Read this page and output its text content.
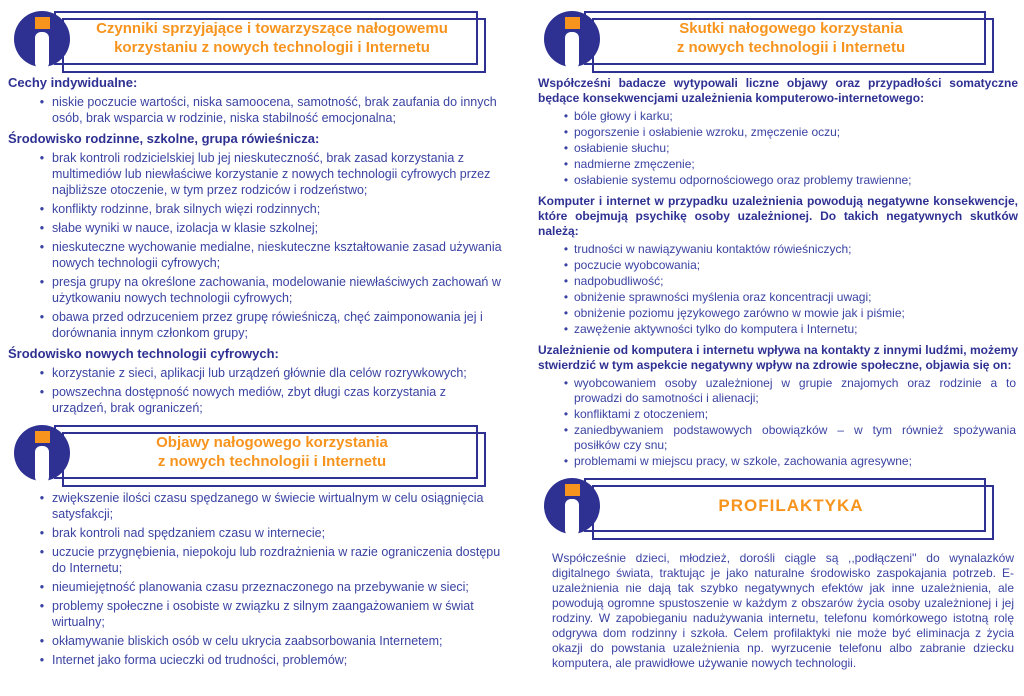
Czynniki sprzyjające i towarzyszące nałogowemu
korzystaniu z nowych technologii i Internetu
Cechy indywidualne:
• niskie poczucie wartości, niska samoocena, samotność, brak zaufania do innych osób, brak wsparcia w rodzinie, niska stabilność emocjonalna;
Środowisko rodzinne, szkolne, grupa rówieśnicza:
• brak kontroli rodzicielskiej lub jej nieskuteczność, brak zasad korzystania z multimediów lub niewłaściwe korzystanie z nowych technologii cyfrowych przez najbliższe otoczenie, w tym przez rodziców i rodzeństwo;
• konflikty rodzinne, brak silnych więzi rodzinnych;
• słabe wyniki w nauce, izolacja w klasie szkolnej;
• nieskuteczne wychowanie medialne, nieskuteczne kształtowanie zasad używania nowych technologii cyfrowych;
• presja grupy na określone zachowania, modelowanie niewłaściwych zachowań w użytkowaniu nowych technologii cyfrowych;
• obawa przed odrzuceniem przez grupę rówieśniczą, chęć zaimponowania jej i dorównania innym członkom grupy;
Środowisko nowych technologii cyfrowych:
• korzystanie z sieci, aplikacji lub urządzeń głównie dla celów rozrywkowych;
• powszechna dostępność nowych mediów, zbyt długi czas korzystania z urządzeń, brak ograniczeń;
Objawy nałogowego korzystania
z nowych technologii i Internetu
• zwiększenie ilości czasu spędzanego w świecie wirtualnym w celu osiągnięcia satysfakcji;
• brak kontroli nad spędzaniem czasu w internecie;
• uczucie przygnębienia, niepokoju lub rozdrażnienia w razie ograniczenia dostępu do Internetu;
• nieumiejętność planowania czasu przeznaczonego na przebywanie w sieci;
• problemy społeczne i osobiste w związku z silnym zaangażowaniem w świat wirtualny;
• okłamywanie bliskich osób w celu ukrycia zaabsorbowania Internetem;
• Internet jako forma ucieczki od trudności, problemów;
Skutki nałogowego korzystania
z nowych technologii i Internetu
Współcześni badacze wytypowali liczne objawy oraz przypadłości somatyczne będące konsekwencjami uzależnienia komputerowo-internetowego:
• bóle głowy i karku;
• pogorszenie i osłabienie wzroku, zmęczenie oczu;
• osłabienie słuchu;
• nadmierne zmęczenie;
• osłabienie systemu odpornościowego oraz problemy trawienne;
Komputer i internet w przypadku uzależnienia powodują negatywne konsekwencje, które obejmują psychikę osoby uzależnionej. Do takich negatywnych skutków należą:
• trudności w nawiązywaniu kontaktów rówieśniczych;
• poczucie wyobcowania;
• nadpobudliwość;
• obniżenie sprawności myślenia oraz koncentracji uwagi;
• obniżenie poziomu językowego zarówno w mowie jak i piśmie;
• zawężenie aktywności tylko do komputera i Internetu;
Uzależnienie od komputera i internetu wpływa na kontakty z innymi ludźmi, możemy stwierdzić w tym aspekcie negatywny wpływ na zdrowie społeczne, objawia się on:
• wyobcowaniem osoby uzależnionej w grupie znajomych oraz rodzinie a to prowadzi do samotności i alienacji;
• konfliktami z otoczeniem;
• zaniedbywaniem podstawowych obowiązków – w tym również spożywania posiłków czy snu;
• problemami w miejscu pracy, w szkole, zachowania agresywne;
PROFILAKTYKA
Współcześnie dzieci, młodzież, dorośli ciągle są ,,podłączeni'' do wynalazków digitalnego świata, traktując je jako naturalne środowisko zaspokajania potrzeb. E-uzależnienia nie dają tak szybko negatywnych efektów jak inne uzależnienia, ale powodują ogromne spustoszenie w każdym z obszarów życia osoby uzależnionej i jej rodziny. W zapobieganiu nadużywania internetu, telefonu komórkowego istotną rolę odgrywa dom rodzinny i szkoła. Celem profilaktyki nie może być eliminacja z życia okazji do powstania uzależnienia np. wyrzucenie telefonu albo zabranie dziecku komputera, ale prawidłowe używanie nowych technologii.
